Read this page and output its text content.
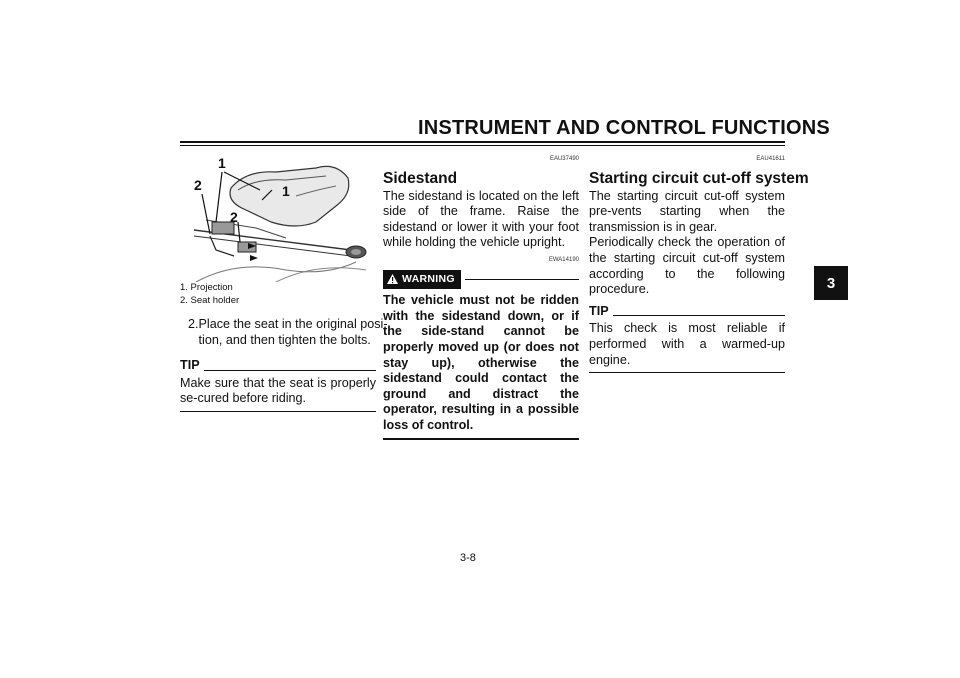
INSTRUMENT AND CONTROL FUNCTIONS
3
1
2	1
2
1. Projection
2. Seat holder
2. Place the seat in the original posi-
tion, and then tighten the bolts.
TIP

Make sure that the seat is properly se-cured before riding.

EAU37490
Sidestand

The sidestand is located on the left side of the frame. Raise the sidestand or lower it with your foot while holding the vehicle upright.

EWA14190
WARNING

The vehicle must not be ridden with the sidestand down, or if the side-stand cannot be properly moved up (or does not stay up), otherwise the sidestand could contact the ground and distract the operator, resulting in a possible loss of control.

EAU41611
Starting circuit cut-off system

The starting circuit cut-off system pre-vents starting when the transmission is in gear.

Periodically check the operation of the starting circuit cut-off system according to the following procedure.

TIP

This check is most reliable if performed with a warmed-up engine.

3-8
